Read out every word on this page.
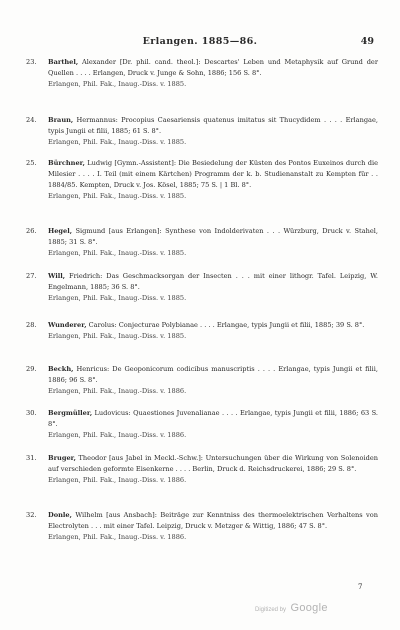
Erlangen. 1885—86.	49
23.	Barthel, Alexander [Dr. phil. cand. theol.]: Descartes' Leben und Metaphysik auf Grund der Quellen . . . . Erlangen, Druck v. Junge & Sohn, 1886; 156 S. 8°.
Erlangen, Phil. Fak., Inaug.-Diss. v. 1885.
24.	Braun, Hermannus: Procopius Caesariensis quatenus imitatus sit Thucydidem . . . . Erlangae, typis Jungii et filii, 1885; 61 S. 8°.
Erlangen, Phil. Fak., Inaug.-Diss. v. 1885.
25.	Bürchner, Ludwig [Gymn.-Assistent]: Die Besiedelung der Küsten des Pontos Euxeinos durch die Milesier . . . . I. Teil (mit einem Kärtchen) Programm der k. b. Studienanstalt zu Kempten für . . 1884/85. Kempten, Druck v. Jos. Kösel, 1885; 75 S. | 1 Bl. 8°.
Erlangen, Phil. Fak., Inaug.-Diss. v. 1885.
26.	Hegel, Sigmund [aus Erlangen]: Synthese von Indolderivaten . . . Würzburg, Druck v. Stahel, 1885; 31 S. 8°.
Erlangen, Phil. Fak., Inaug.-Diss. v. 1885.
27.	Will, Friedrich: Das Geschmacksorgan der Insecten . . . mit einer lithogr. Tafel. Leipzig, W. Engelmann, 1885; 36 S. 8°.
Erlangen, Phil. Fak., Inaug.-Diss. v. 1885.
28.	Wunderer, Carolus: Conjecturae Polybianae . . . . Erlangae, typis Jungii et filii, 1885; 39 S. 8°.
Erlangen, Phil. Fak., Inaug.-Diss. v. 1885.
29.	Beckh, Henricus: De Geoponicorum codicibus manuscriptis . . . . Erlangae, typis Jungii et filii, 1886; 96 S. 8°.
Erlangen, Phil. Fak., Inaug.-Diss. v. 1886.
30.	Bergmüller, Ludovicus: Quaestiones Juvenalianae . . . . Erlangae, typis Jungii et filii, 1886; 63 S. 8°.
Erlangen, Phil. Fak., Inaug.-Diss. v. 1886.
31.	Bruger, Theodor [aus Jabel in Meckl.-Schw.]: Untersuchungen über die Wirkung von Solenoiden auf verschieden geformte Eisenkerne . . . . Berlin, Druck d. Reichsdruckerei, 1886; 29 S. 8°.
Erlangen, Phil. Fak., Inaug.-Diss. v. 1886.
32.	Donle, Wilhelm [aus Ansbach]: Beiträge zur Kenntniss des thermoelektrischen Verhaltens von Electrolyten . . . mit einer Tafel. Leipzig, Druck v. Metzger & Wittig, 1886; 47 S. 8°.
Erlangen, Phil. Fak., Inaug.-Diss. v. 1886.
7
Digitized by Google
